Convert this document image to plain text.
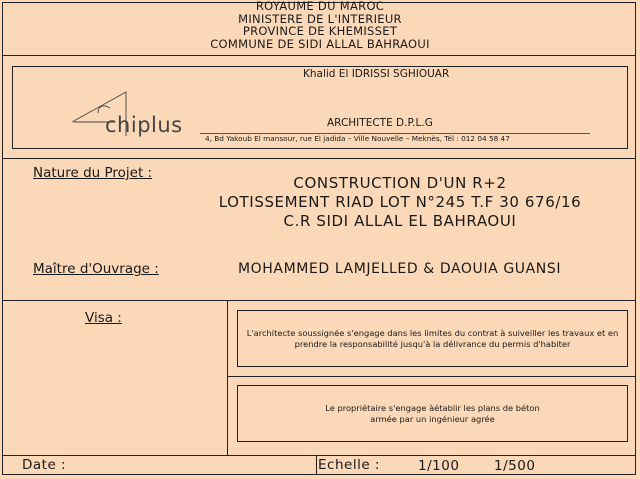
ROYAUME DU MAROC
MINISTERE DE L'INTERIEUR
PROVINCE DE KHEMISSET
COMMUNE DE SIDI ALLAL BAHRAOUI
Khalid El IDRISSI SGHIOUAR
chiplus	ARCHITECTE D.P.L.G
4, Bd Yakoub El mansour, rue El jadida – Ville Nouvelle – Meknès, Tél : 012 04 58 47
Nature du Projet :
CONSTRUCTION D'UN R+2
LOTISSEMENT RIAD LOT N°245 T.F 30 676/16
C.R SIDI ALLAL EL BAHRAOUI
Maître d'Ouvrage :	MOHAMMED LAMJELLED & DAOUIA GUANSI
Visa :
L'architecte soussignée s'engage dans les limites du contrat à suiveiller les travaux et en prendre la responsabilité jusqu'à la délivrance du permis d'habiter
Le propriétaire s'engage àétablir les plans de béton armée par un ingénieur agrée
Date :	Echelle :	1/100	1/500
